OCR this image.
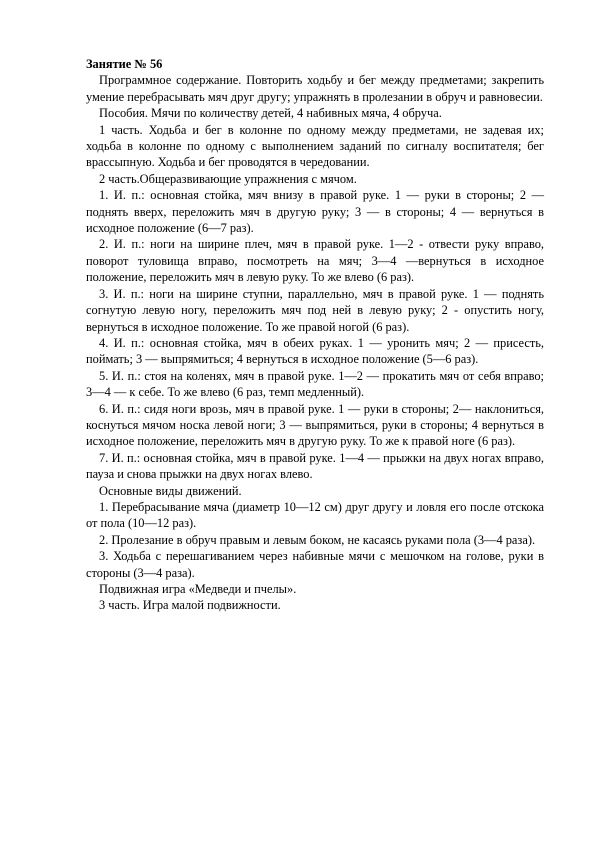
Занятие № 56

Программное содержание. Повторить ходьбу и бег между предметами; закрепить умение перебрасывать мяч друг другу; упражнять в пролезании в обруч и равновесии.

Пособия. Мячи по количеству детей, 4 набивных мяча, 4 обруча.

1 часть. Ходьба и бег в колонне по одному между предметами, не задевая их; ходьба в колонне по одному с выполнением заданий по сигналу воспитателя; бег врассыпную. Ходьба и бег проводятся в чередовании.

2 часть.Общеразвивающие упражнения с мячом.

1. И. п.: основная стойка, мяч внизу в правой руке. 1 — руки в стороны; 2 — поднять вверх, переложить мяч в другую руку; 3 — в стороны; 4 — вернуться в исходное положение (6—7 раз).

2. И. п.: ноги на ширине плеч, мяч в правой руке. 1—2 - отвести руку вправо, поворот туловища вправо, посмотреть на мяч; 3—4 —вернуться в исходное положение, переложить мяч в левую руку. То же влево (6 раз).

3. И. п.: ноги на ширине ступни, параллельно, мяч в правой руке. 1 — поднять согнутую левую ногу, переложить мяч под ней в левую руку; 2 - опустить ногу, вернуться в исходное положение. То же правой ногой (6 раз).

4. И. п.: основная стойка, мяч в обеих руках. 1 — уронить мяч; 2 — присесть, поймать; 3 — выпрямиться; 4 вернуться в исходное положение (5—6 раз).

5. И. п.: стоя на коленях, мяч в правой руке. 1—2 — прокатить мяч от себя вправо; 3—4 — к себе. То же влево (6 раз, темп медленный).

6. И. п.: сидя ноги врозь, мяч в правой руке. 1 — руки в стороны; 2— наклониться, коснуться мячом носка левой ноги; 3 — выпрямиться, руки в стороны; 4 вернуться в исходное положение, переложить мяч в другую руку. То же к правой ноге (6 раз).

7. И. п.: основная стойка, мяч в правой руке. 1—4 — прыжки на двух ногах вправо, пауза и снова прыжки на двух ногах влево.

Основные виды движений.

1. Перебрасывание мяча (диаметр 10—12 см) друг другу и ловля его после отскока от пола (10—12 раз).

2. Пролезание в обруч правым и левым боком, не касаясь руками пола (3—4 раза).

3. Ходьба с перешагиванием через набивные мячи с мешочком на голове, руки в стороны (3—4 раза).

Подвижная игра «Медведи и пчелы».

3 часть. Игра малой подвижности.
